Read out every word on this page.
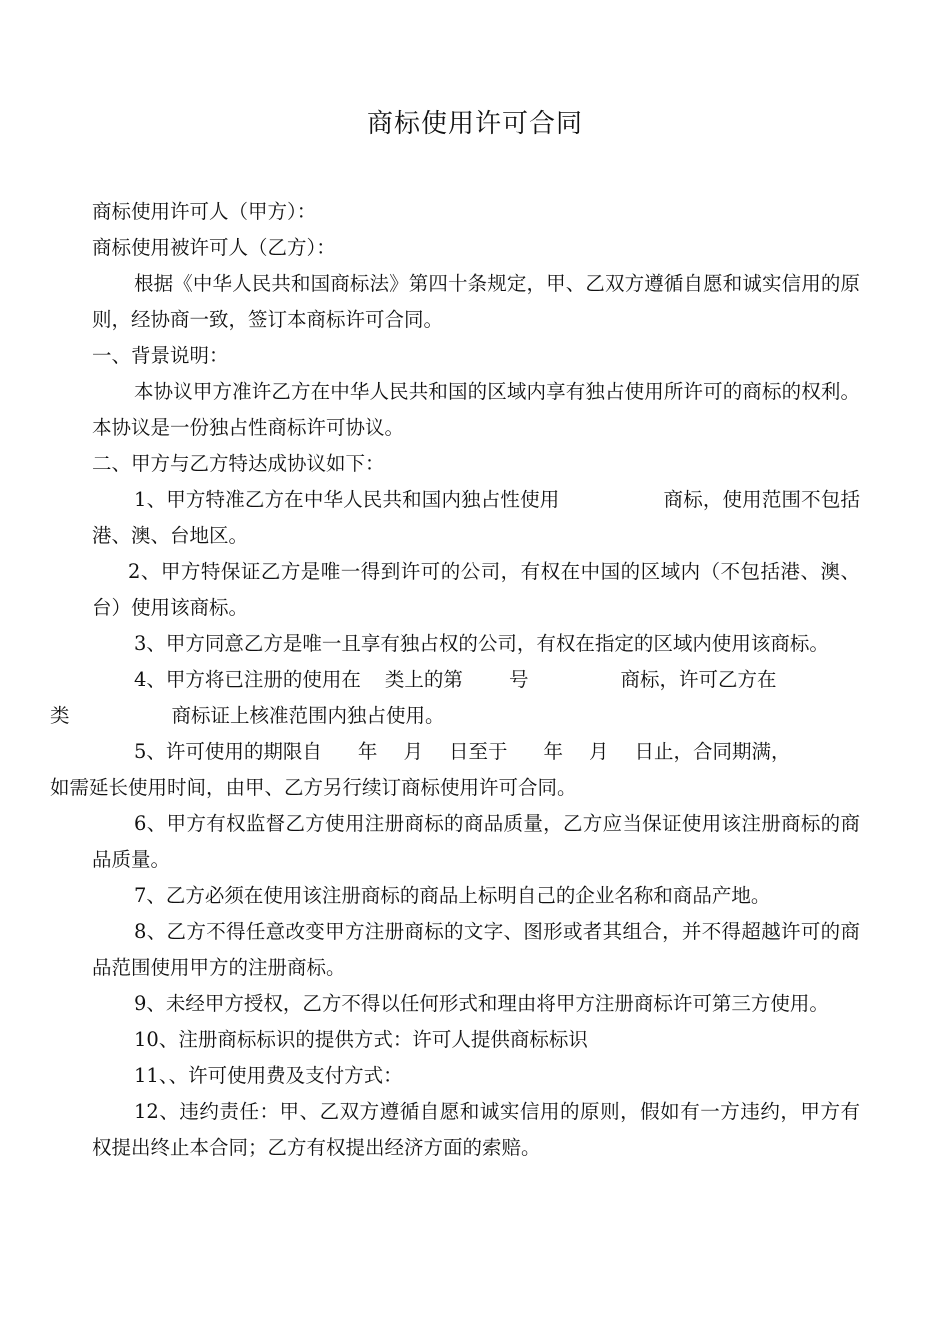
商标使用许可合同

商标使用许可人（甲方）：

商标使用被许可人（乙方）：

根据《中华人民共和国商标法》第四十条规定，甲、乙双方遵循自愿和诚实信用的原则，经协商一致，签订本商标许可合同。

一、背景说明：

本协议甲方准许乙方在中华人民共和国的区域内享有独占使用所许可的商标的权利。本协议是一份独占性商标许可协议。

二、甲方与乙方特达成协议如下：

1、甲方特准乙方在中华人民共和国内独占性使用	商标，使用范围不包括港、澳、台地区。

2、甲方特保证乙方是唯一得到许可的公司，有权在中国的区域内（不包括港、澳、台）使用该商标。

3、甲方同意乙方是唯一且享有独占权的公司，有权在指定的区域内使用该商标。

4、甲方将已注册的使用在 类上的第 号	商标，许可乙方在
类	商标证上核准范围内独占使用。

5、许可使用的期限自 年 月 日至于 年 月 日止，合同期满，
如需延长使用时间，由甲、乙方另行续订商标使用许可合同。

6、甲方有权监督乙方使用注册商标的商品质量，乙方应当保证使用该注册商标的商品质量。

7、乙方必须在使用该注册商标的商品上标明自己的企业名称和商品产地。

8、乙方不得任意改变甲方注册商标的文字、图形或者其组合，并不得超越许可的商品范围使用甲方的注册商标。

9、未经甲方授权，乙方不得以任何形式和理由将甲方注册商标许可第三方使用。

10、注册商标标识的提供方式：许可人提供商标标识

11、、许可使用费及支付方式：

12、违约责任：甲、乙双方遵循自愿和诚实信用的原则，假如有一方违约，甲方有权提出终止本合同；乙方有权提出经济方面的索赔。
